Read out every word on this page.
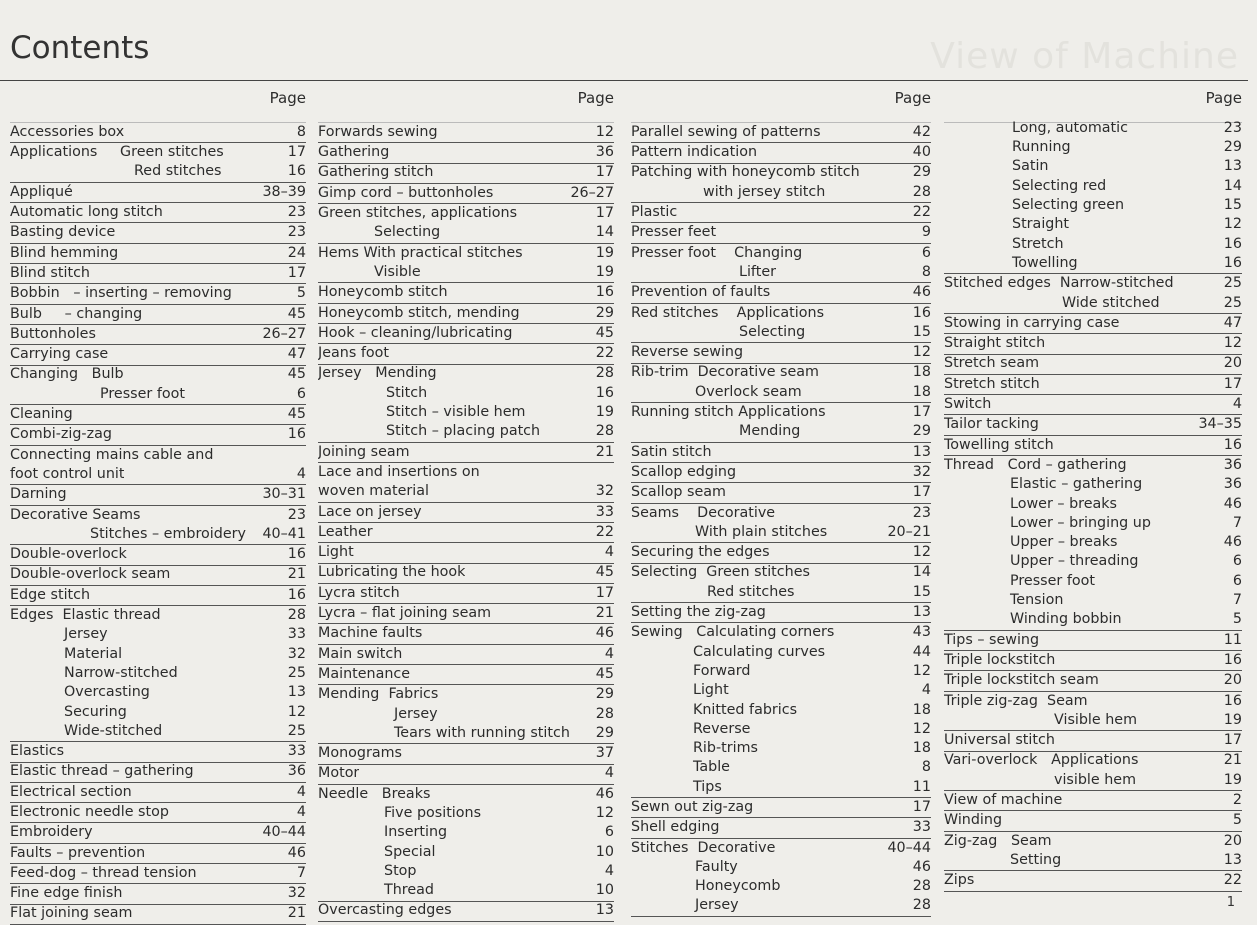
View of Machine
Contents
Page
Accessories box	8
Applications     Green stitches	17
Red stitches	16
Appliqué	38–39
Automatic long stitch	23
Basting device	23
Blind hemming	24
Blind stitch	17
Bobbin   – inserting – removing	5
Bulb     – changing	45
Buttonholes	26–27
Carrying case	47
Changing   Bulb	45
Presser foot	6
Cleaning	45
Combi-zig-zag	16
Connecting mains cable and
foot control unit	4
Darning	30–31
Decorative Seams	23
Stitches – embroidery	40–41
Double-overlock	16
Double-overlock seam	21
Edge stitch	16
Edges  Elastic thread	28
Jersey	33
Material	32
Narrow-stitched	25
Overcasting	13
Securing	12
Wide-stitched	25
Elastics	33
Elastic thread – gathering	36
Electrical section	4
Electronic needle stop	4
Embroidery	40–44
Faults – prevention	46
Feed-dog – thread tension	7
Fine edge finish	32
Flat joining seam	21
Page
Forwards sewing	12
Gathering	36
Gathering stitch	17
Gimp cord – buttonholes	26–27
Green stitches, applications	17
Selecting	14
Hems With practical stitches	19
Visible	19
Honeycomb stitch	16
Honeycomb stitch, mending	29
Hook – cleaning/lubricating	45
Jeans foot	22
Jersey   Mending	28
Stitch	16
Stitch – visible hem	19
Stitch – placing patch	28
Joining seam	21
Lace and insertions on
woven material	32
Lace on jersey	33
Leather	22
Light	4
Lubricating the hook	45
Lycra stitch	17
Lycra – flat joining seam	21
Machine faults	46
Main switch	4
Maintenance	45
Mending  Fabrics	29
Jersey	28
Tears with running stitch	29
Monograms	37
Motor	4
Needle   Breaks	46
Five positions	12
Inserting	6
Special	10
Stop	4
Thread	10
Overcasting edges	13
Page
Parallel sewing of patterns	42
Pattern indication	40
Patching with honeycomb stitch	29
with jersey stitch	28
Plastic	22
Presser feet	9
Presser foot    Changing	6
Lifter	8
Prevention of faults	46
Red stitches    Applications	16
Selecting	15
Reverse sewing	12
Rib-trim  Decorative seam	18
Overlock seam	18
Running stitch Applications	17
Mending	29
Satin stitch	13
Scallop edging	32
Scallop seam	17
Seams    Decorative	23
With plain stitches	20–21
Securing the edges	12
Selecting  Green stitches	14
Red stitches	15
Setting the zig-zag	13
Sewing   Calculating corners	43
Calculating curves	44
Forward	12
Light	4
Knitted fabrics	18
Reverse	12
Rib-trims	18
Table	8
Tips	11
Sewn out zig-zag	17
Shell edging	33
Stitches  Decorative	40–44
Faulty	46
Honeycomb	28
Jersey	28
Page
Long, automatic	23
Running	29
Satin	13
Selecting red	14
Selecting green	15
Straight	12
Stretch	16
Towelling	16
Stitched edges  Narrow-stitched	25
Wide stitched	25
Stowing in carrying case	47
Straight stitch	12
Stretch seam	20
Stretch stitch	17
Switch	4
Tailor tacking	34–35
Towelling stitch	16
Thread   Cord – gathering	36
Elastic – gathering	36
Lower – breaks	46
Lower – bringing up	7
Upper – breaks	46
Upper – threading	6
Presser foot	6
Tension	7
Winding bobbin	5
Tips – sewing	11
Triple lockstitch	16
Triple lockstitch seam	20
Triple zig-zag  Seam	16
Visible hem	19
Universal stitch	17
Vari-overlock   Applications	21
visible hem	19
View of machine	2
Winding	5
Zig-zag   Seam	20
Setting	13
Zips	22
1
